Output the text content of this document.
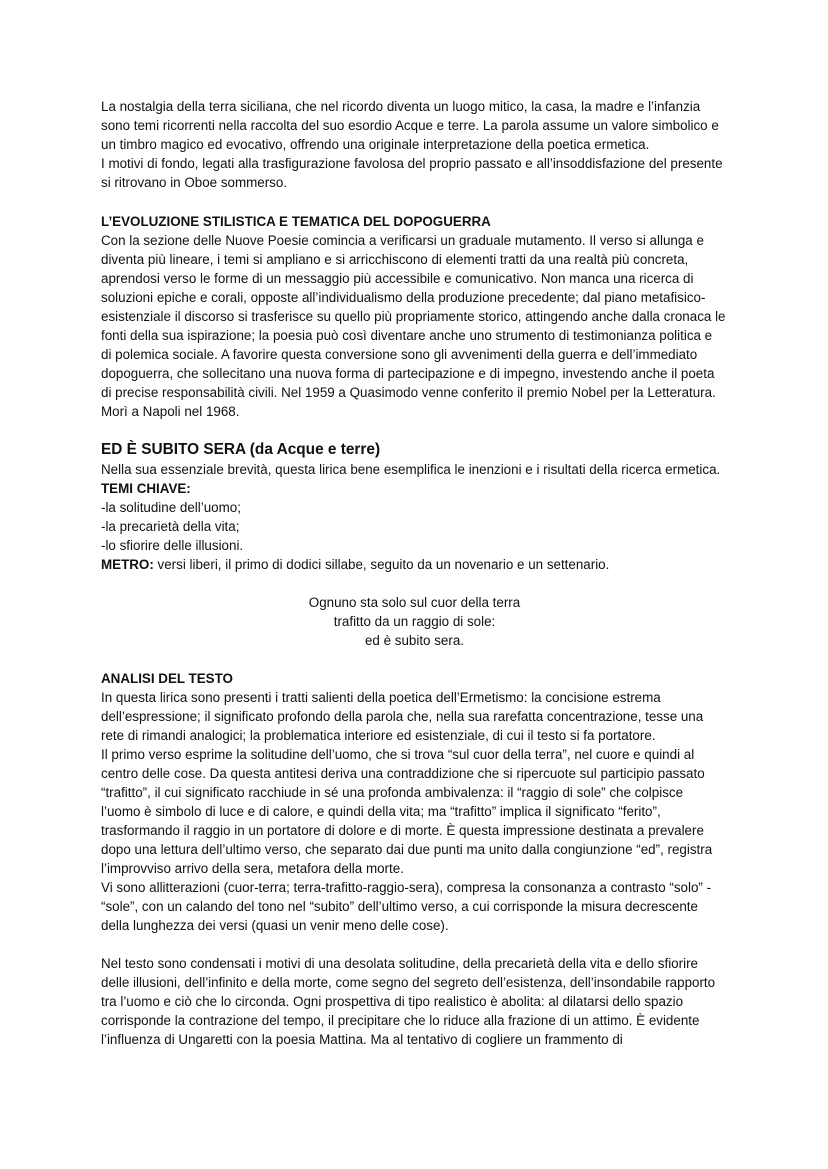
La nostalgia della terra siciliana, che nel ricordo diventa un luogo mitico, la casa, la madre e l’infanzia sono temi ricorrenti nella raccolta del suo esordio Acque e terre. La parola assume un valore simbolico e un timbro magico ed evocativo, offrendo una originale interpretazione della poetica ermetica.

I motivi di fondo, legati alla trasfigurazione favolosa del proprio passato e all’insoddisfazione del presente si ritrovano in Oboe sommerso.

L’EVOLUZIONE STILISTICA E TEMATICA DEL DOPOGUERRA

Con la sezione delle Nuove Poesie comincia a verificarsi un graduale mutamento. Il verso si allunga e diventa più lineare, i temi si ampliano e si arricchiscono di elementi tratti da una realtà più concreta, aprendosi verso le forme di un messaggio più accessibile e comunicativo. Non manca una ricerca di soluzioni epiche e corali, opposte all’individualismo della produzione precedente; dal piano metafisico-esistenziale il discorso si trasferisce su quello più propriamente storico, attingendo anche dalla cronaca le fonti della sua ispirazione; la poesia può così diventare anche uno strumento di testimonianza politica e di polemica sociale. A favorire questa conversione sono gli avvenimenti della guerra e dell’immediato dopoguerra, che sollecitano una nuova forma di partecipazione e di impegno, investendo anche il poeta di precise responsabilità civili. Nel 1959 a Quasimodo venne conferito il premio Nobel per la Letteratura. Morì a Napoli nel 1968.

ED È SUBITO SERA (da Acque e terre)

Nella sua essenziale brevità, questa lirica bene esemplifica le inenzioni e i risultati della ricerca ermetica.

TEMI CHIAVE:

-la solitudine dell’uomo;

-la precarietà della vita;

-lo sfiorire delle illusioni.

METRO: versi liberi, il primo di dodici sillabe, seguito da un novenario e un settenario.

Ognuno sta solo sul cuor della terra
trafitto da un raggio di sole:
ed è subito sera.

ANALISI DEL TESTO

In questa lirica sono presenti i tratti salienti della poetica dell’Ermetismo: la concisione estrema dell’espressione; il significato profondo della parola che, nella sua rarefatta concentrazione, tesse una rete di rimandi analogici; la problematica interiore ed esistenziale, di cui il testo si fa portatore.

Il primo verso esprime la solitudine dell’uomo, che si trova “sul cuor della terra”, nel cuore e quindi al centro delle cose. Da questa antitesi deriva una contraddizione che si ripercuote sul participio passato “trafitto”, il cui significato racchiude in sé una profonda ambivalenza: il “raggio di sole” che colpisce l’uomo è simbolo di luce e di calore, e quindi della vita; ma “trafitto” implica il significato “ferito”, trasformando il raggio in un portatore di dolore e di morte. È questa impressione destinata a prevalere dopo una lettura dell’ultimo verso, che separato dai due punti ma unito dalla congiunzione “ed”, registra l’improvviso arrivo della sera, metafora della morte.

Vi sono allitterazioni (cuor-terra; terra-trafitto-raggio-sera), compresa la consonanza a contrasto “solo” - “sole”, con un calando del tono nel “subito” dell’ultimo verso, a cui corrisponde la misura decrescente della lunghezza dei versi (quasi un venir meno delle cose).

Nel testo sono condensati i motivi di una desolata solitudine, della precarietà della vita e dello sfiorire delle illusioni, dell’infinito e della morte, come segno del segreto dell’esistenza, dell’insondabile rapporto tra l’uomo e ciò che lo circonda. Ogni prospettiva di tipo realistico è abolita: al dilatarsi dello spazio corrisponde la contrazione del tempo, il precipitare che lo riduce alla frazione di un attimo. È evidente l’influenza di Ungaretti con la poesia Mattina. Ma al tentativo di cogliere un frammento di
